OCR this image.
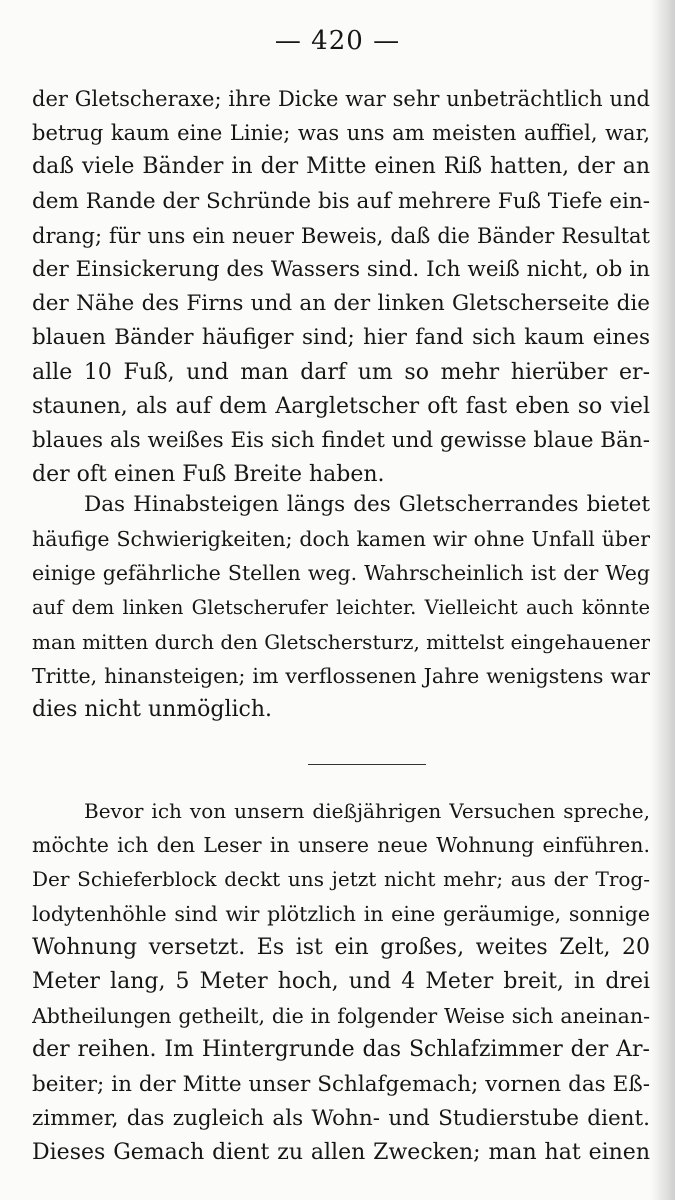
— 420 —
der Gletscheraxe; ihre Dicke war sehr unbeträchtlich und
betrug kaum eine Linie; was uns am meisten auffiel, war,
daß viele Bänder in der Mitte einen Riß hatten, der an
dem Rande der Schründe bis auf mehrere Fuß Tiefe ein-
drang; für uns ein neuer Beweis, daß die Bänder Resultat
der Einsickerung des Wassers sind. Ich weiß nicht, ob in
der Nähe des Firns und an der linken Gletscherseite die
blauen Bänder häufiger sind; hier fand sich kaum eines
alle 10 Fuß, und man darf um so mehr hierüber er-
staunen, als auf dem Aargletscher oft fast eben so viel
blaues als weißes Eis sich findet und gewisse blaue Bän-
der oft einen Fuß Breite haben.
Das Hinabsteigen längs des Gletscherrandes bietet
häufige Schwierigkeiten; doch kamen wir ohne Unfall über
einige gefährliche Stellen weg. Wahrscheinlich ist der Weg
auf dem linken Gletscherufer leichter. Vielleicht auch könnte
man mitten durch den Gletschersturz, mittelst eingehauener
Tritte, hinansteigen; im verflossenen Jahre wenigstens war
dies nicht unmöglich.
Bevor ich von unsern dießjährigen Versuchen spreche,
möchte ich den Leser in unsere neue Wohnung einführen.
Der Schieferblock deckt uns jetzt nicht mehr; aus der Trog-
lodytenhöhle sind wir plötzlich in eine geräumige, sonnige
Wohnung versetzt. Es ist ein großes, weites Zelt, 20
Meter lang, 5 Meter hoch, und 4 Meter breit, in drei
Abtheilungen getheilt, die in folgender Weise sich aneinan-
der reihen. Im Hintergrunde das Schlafzimmer der Ar-
beiter; in der Mitte unser Schlafgemach; vornen das Eß-
zimmer, das zugleich als Wohn- und Studierstube dient.
Dieses Gemach dient zu allen Zwecken; man hat einen
